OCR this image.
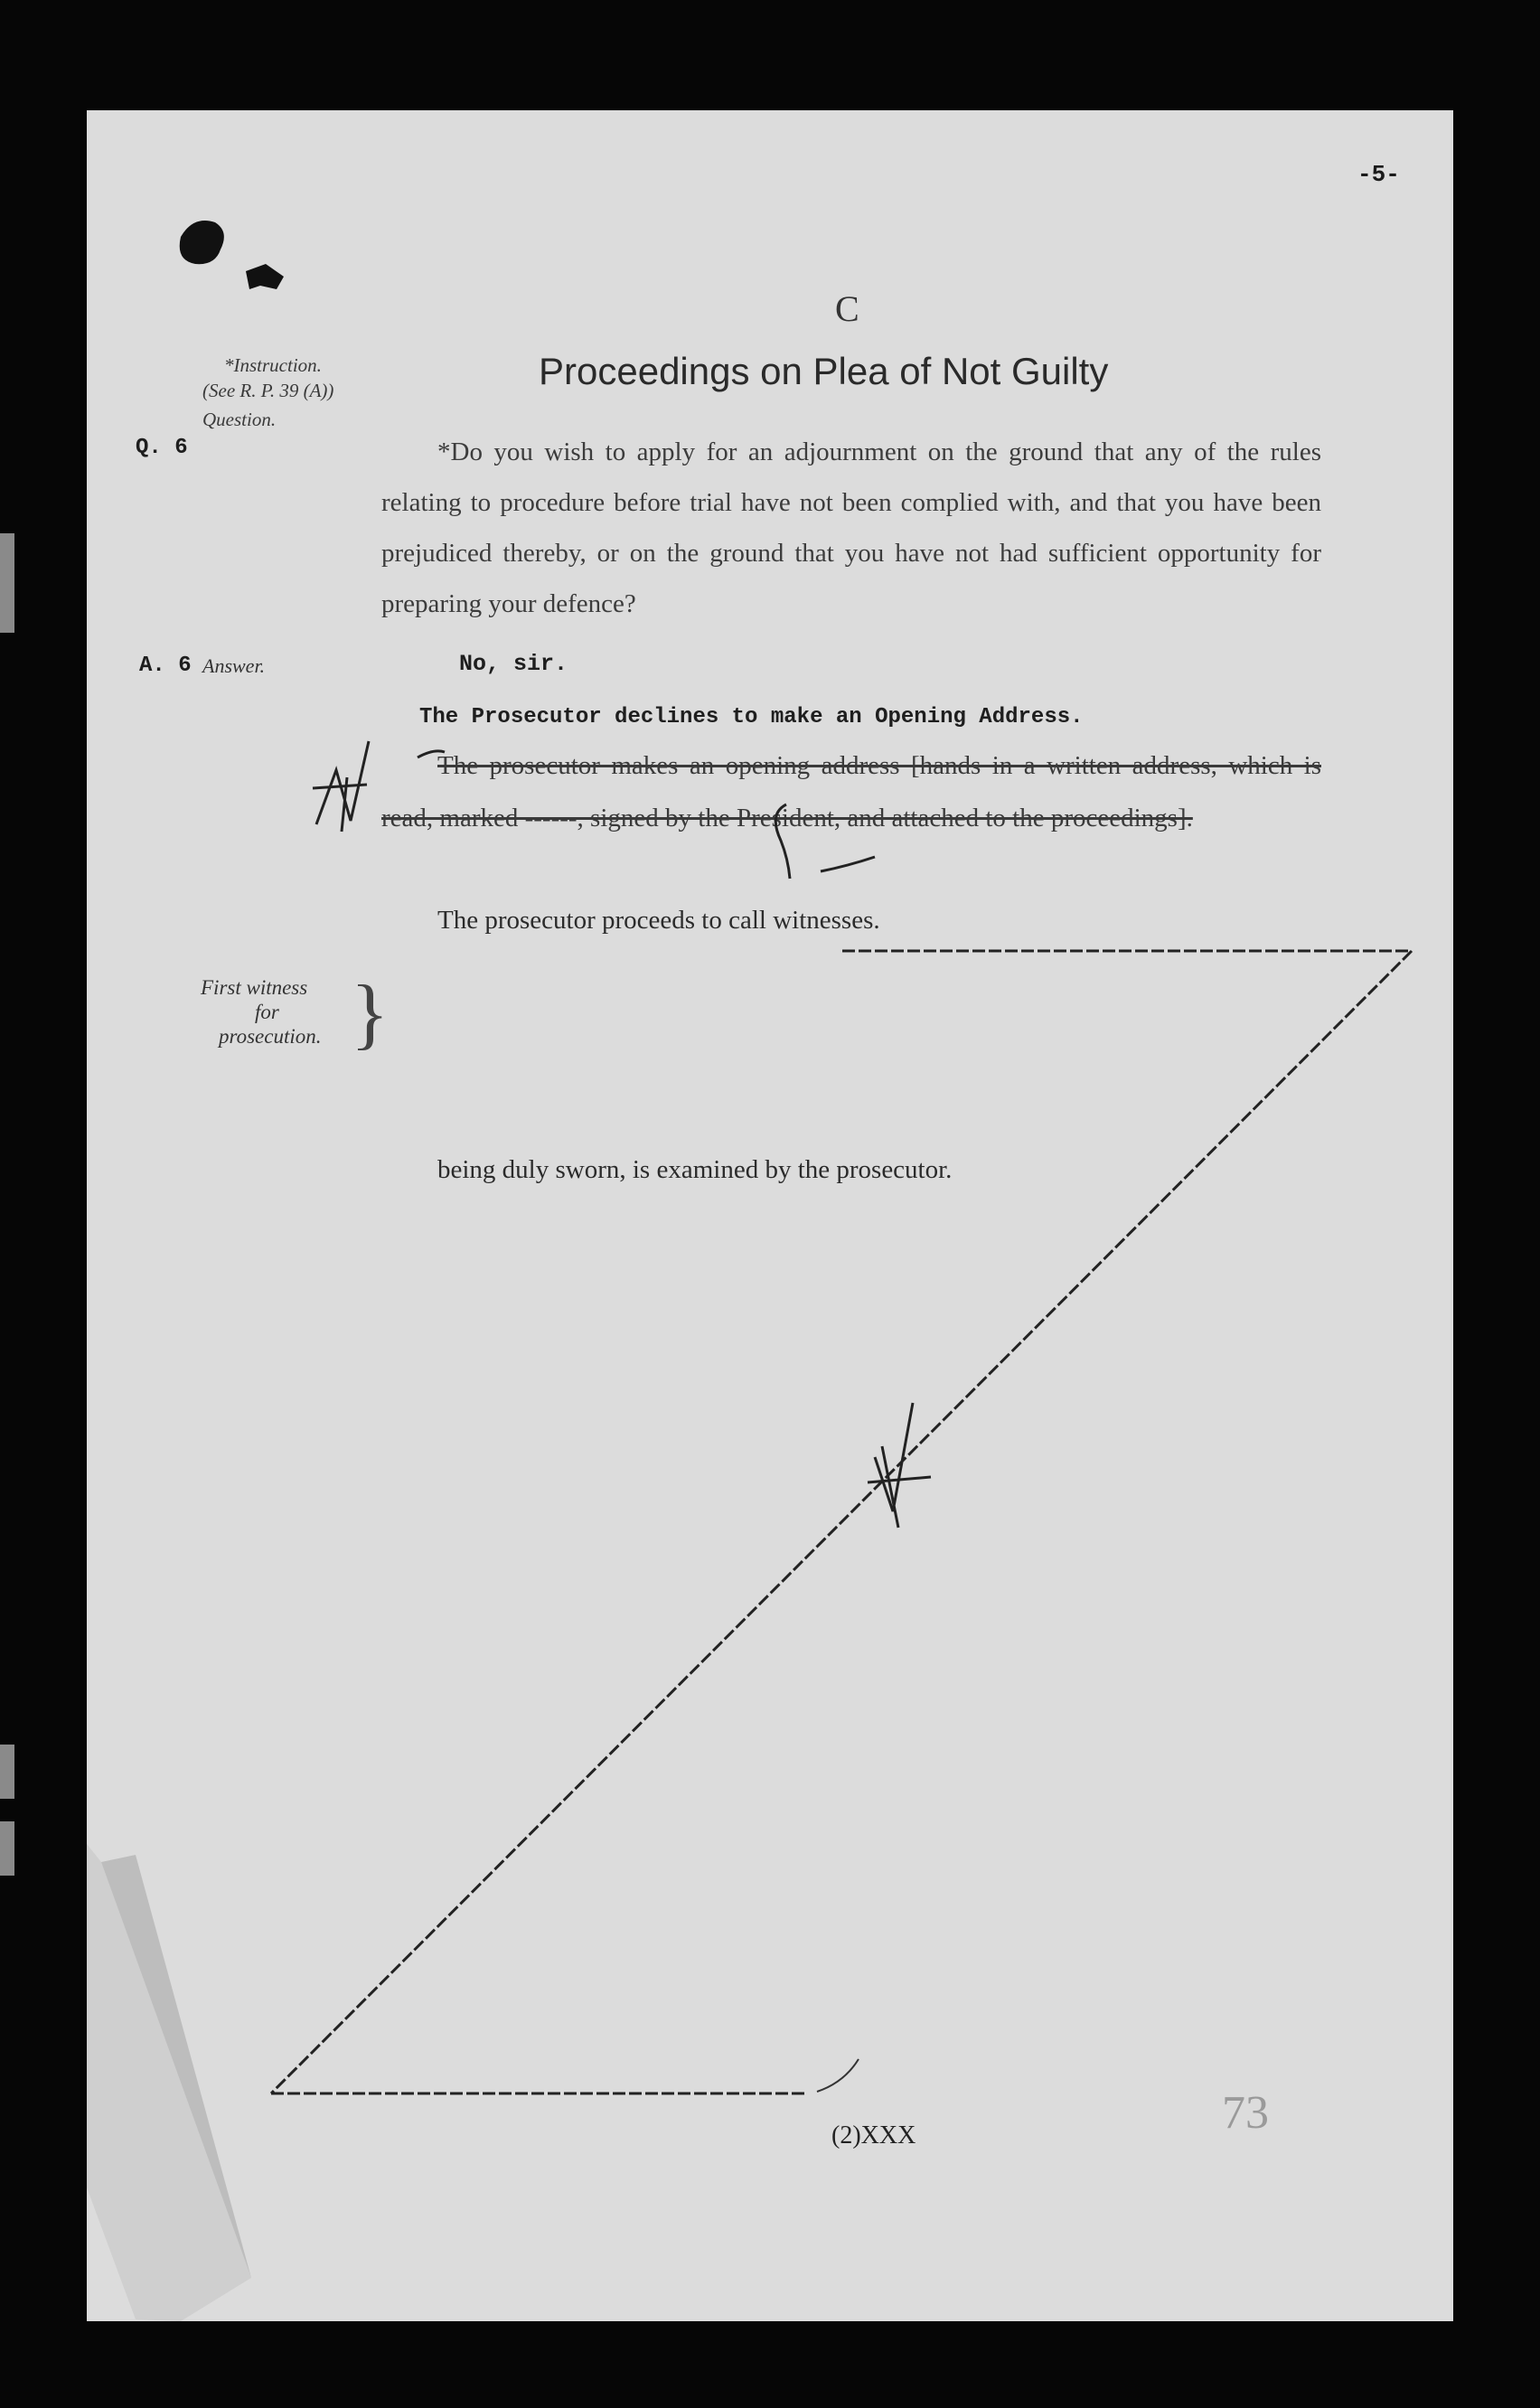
-5-

C

Proceedings on Plea of Not Guilty

*Instruction.

(See R. P. 39 (A))

Question.

Q. 6	*Do you wish to apply for an adjournment on the ground that any of the rules relating to procedure before trial have not been complied with, and that you have been prejudiced thereby, or on the ground that you have not had sufficient opportunity for preparing your defence?

A. 6 Answer.	No, sir.

The Prosecutor declines to make an Opening Address.

The prosecutor makes an opening address [hands in a written address, which is read, marked ------, signed by the President, and attached to the proceedings].

The prosecutor proceeds to call witnesses.

First witness

for

prosecution. }

being duly sworn, is examined by the prosecutor.

(2)XXX	73
